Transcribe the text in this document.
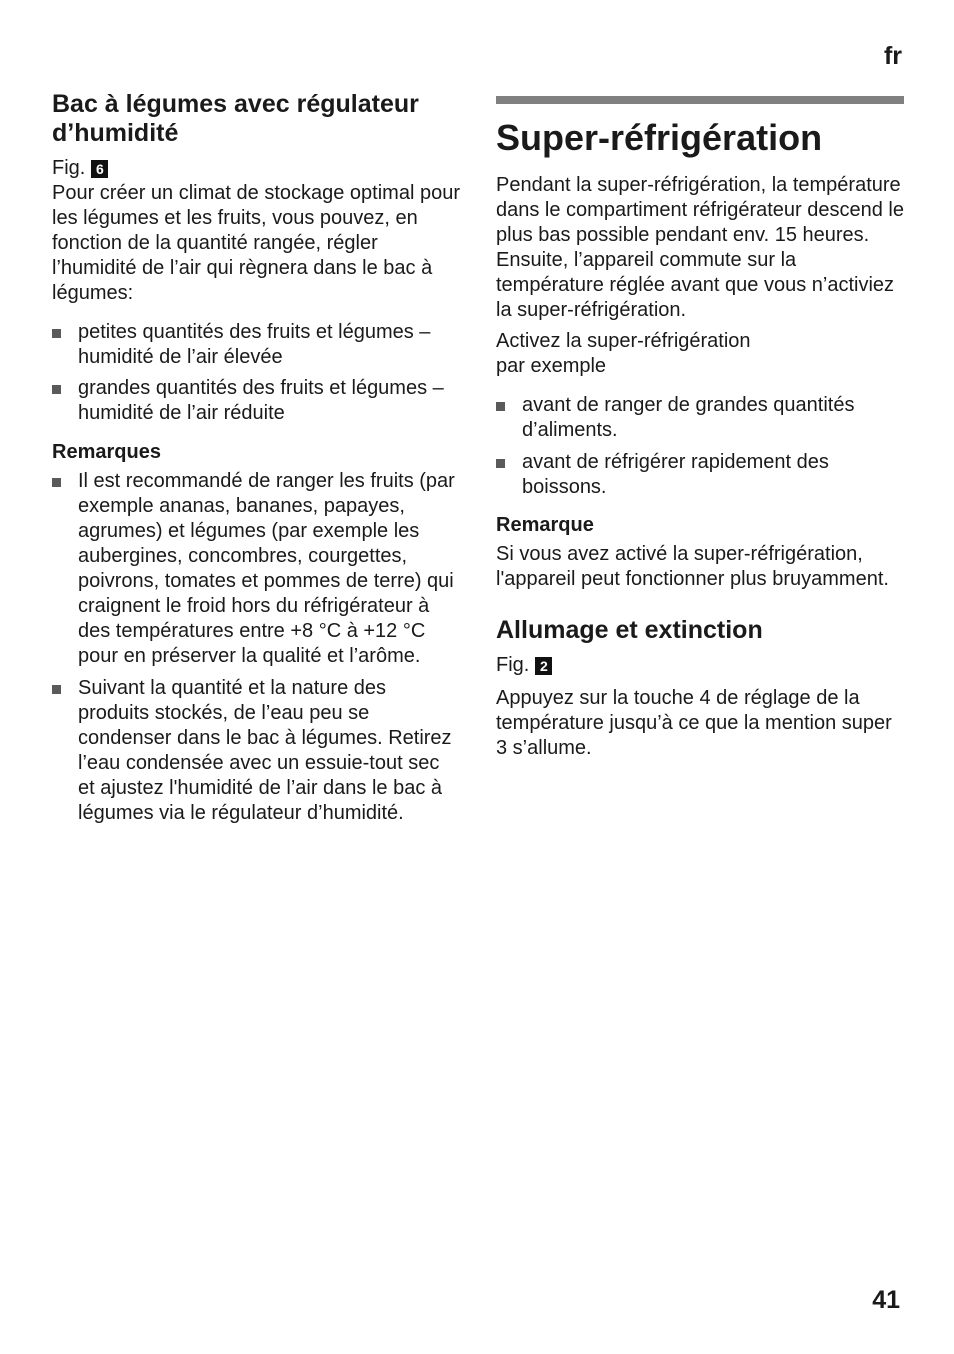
fr
Bac à légumes avec régulateur d’humidité

Fig. 6

Pour créer un climat de stockage optimal pour les légumes et les fruits, vous pouvez, en fonction de la quantité rangée, régler l’humidité de l’air qui règnera dans le bac à légumes:

petites quantités des fruits et légumes – humidité de l’air élevée
grandes quantités des fruits et légumes – humidité de l’air réduite
Remarques
Il est recommandé de ranger les fruits (par exemple ananas, bananes, papayes, agrumes) et légumes (par exemple les aubergines, concombres, courgettes, poivrons, tomates et pommes de terre) qui craignent le froid hors du réfrigérateur à des températures entre +8 °C à +12 °C pour en préserver la qualité et l’arôme.
Suivant la quantité et la nature des produits stockés, de l’eau peu se condenser dans le bac à légumes. Retirez l’eau condensée avec un essuie-tout sec et ajustez l'humidité de l’air dans le bac à légumes via le régulateur d’humidité.
Super-réfrigération

Pendant la super-réfrigération, la température dans le compartiment réfrigérateur descend le plus bas possible pendant env. 15 heures. Ensuite, l’appareil commute sur la température réglée avant que vous n’activiez la super-réfrigération.

Activez la super-réfrigération
par exemple

avant de ranger de grandes quantités d’aliments.
avant de réfrigérer rapidement des boissons.
Remarque

Si vous avez activé la super-réfrigération, l'appareil peut fonctionner plus bruyamment.

Allumage et extinction

Fig. 2

Appuyez sur la touche 4 de réglage de la température jusqu’à ce que la mention super 3 s’allume.

41
